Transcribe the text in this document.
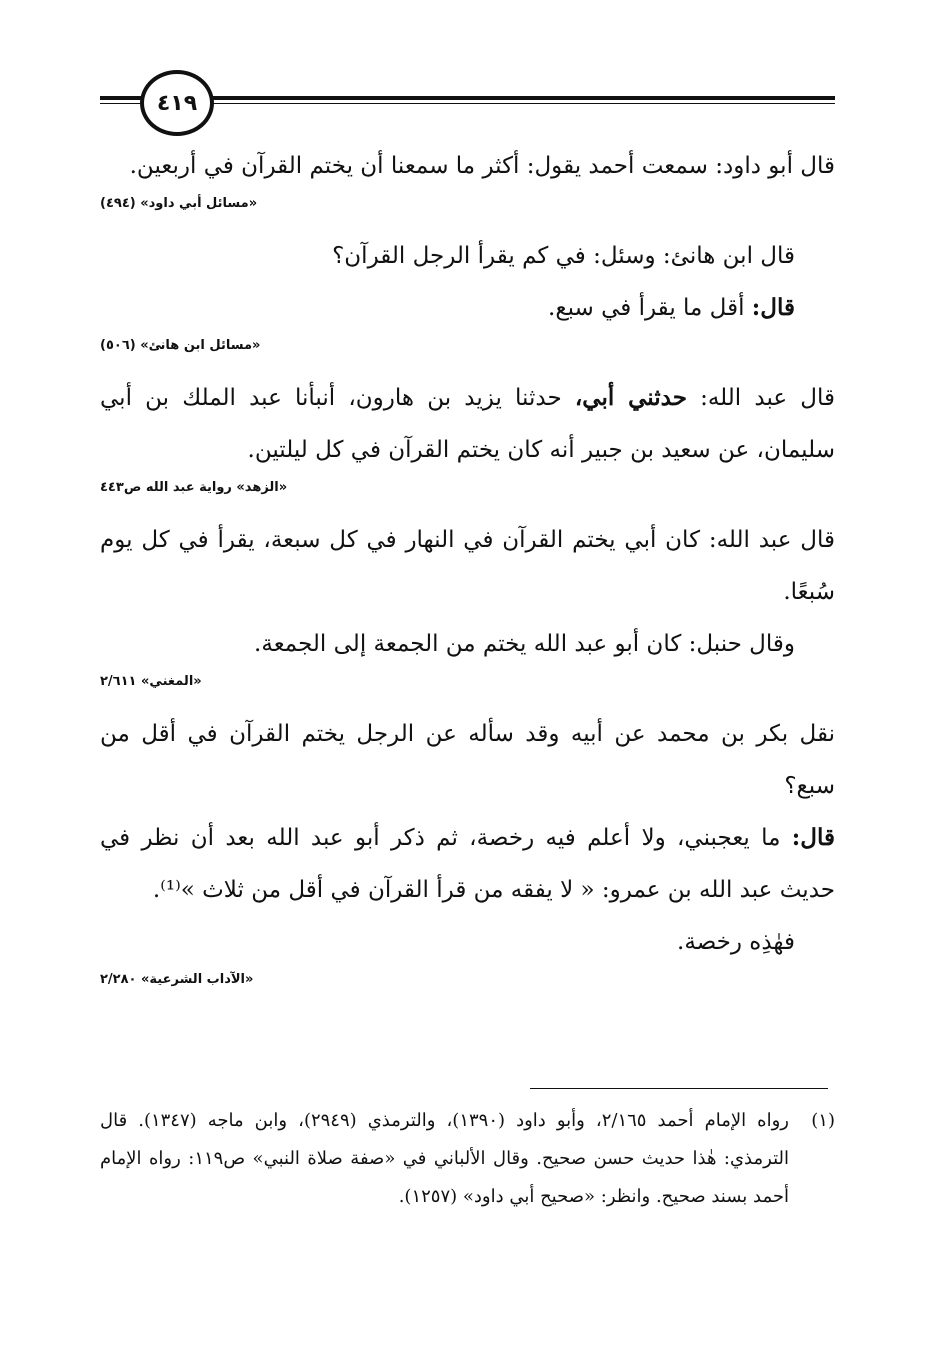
٤١٩

قال أبو داود: سمعت أحمد يقول: أكثر ما سمعنا أن يختم القرآن في أربعين.

«مسائل أبي داود» (٤٩٤)

قال ابن هانئ: وسئل: في كم يقرأ الرجل القرآن؟

قال: أقل ما يقرأ في سبع.

«مسائل ابن هانئ» (٥٠٦)

قال عبد الله: حدثني أبي، حدثنا يزيد بن هارون، أنبأنا عبد الملك بن أبي سليمان، عن سعيد بن جبير أنه كان يختم القرآن في كل ليلتين.

«الزهد» رواية عبد الله ص٤٤٣

قال عبد الله: كان أبي يختم القرآن في النهار في كل سبعة، يقرأ في كل يوم سُبعًا.

وقال حنبل: كان أبو عبد الله يختم من الجمعة إلى الجمعة.

«المغني» ٢/٦١١

نقل بكر بن محمد عن أبيه وقد سأله عن الرجل يختم القرآن في أقل من سبع؟

قال: ما يعجبني، ولا أعلم فيه رخصة، ثم ذكر أبو عبد الله بعد أن نظر في حديث عبد الله بن عمرو: « لا يفقه من قرأ القرآن في أقل من ثلاث »⁽¹⁾.

فهٰذِه رخصة.

«الآداب الشرعية» ٢/٢٨٠

(١)
رواه الإمام أحمد ٢/١٦٥، وأبو داود (١٣٩٠)، والترمذي (٢٩٤٩)، وابن ماجه (١٣٤٧). قال الترمذي: هٰذا حديث حسن صحيح. وقال الألباني في «صفة صلاة النبي» ص١١٩: رواه الإمام أحمد بسند صحيح. وانظر: «صحيح أبي داود» (١٢٥٧).
